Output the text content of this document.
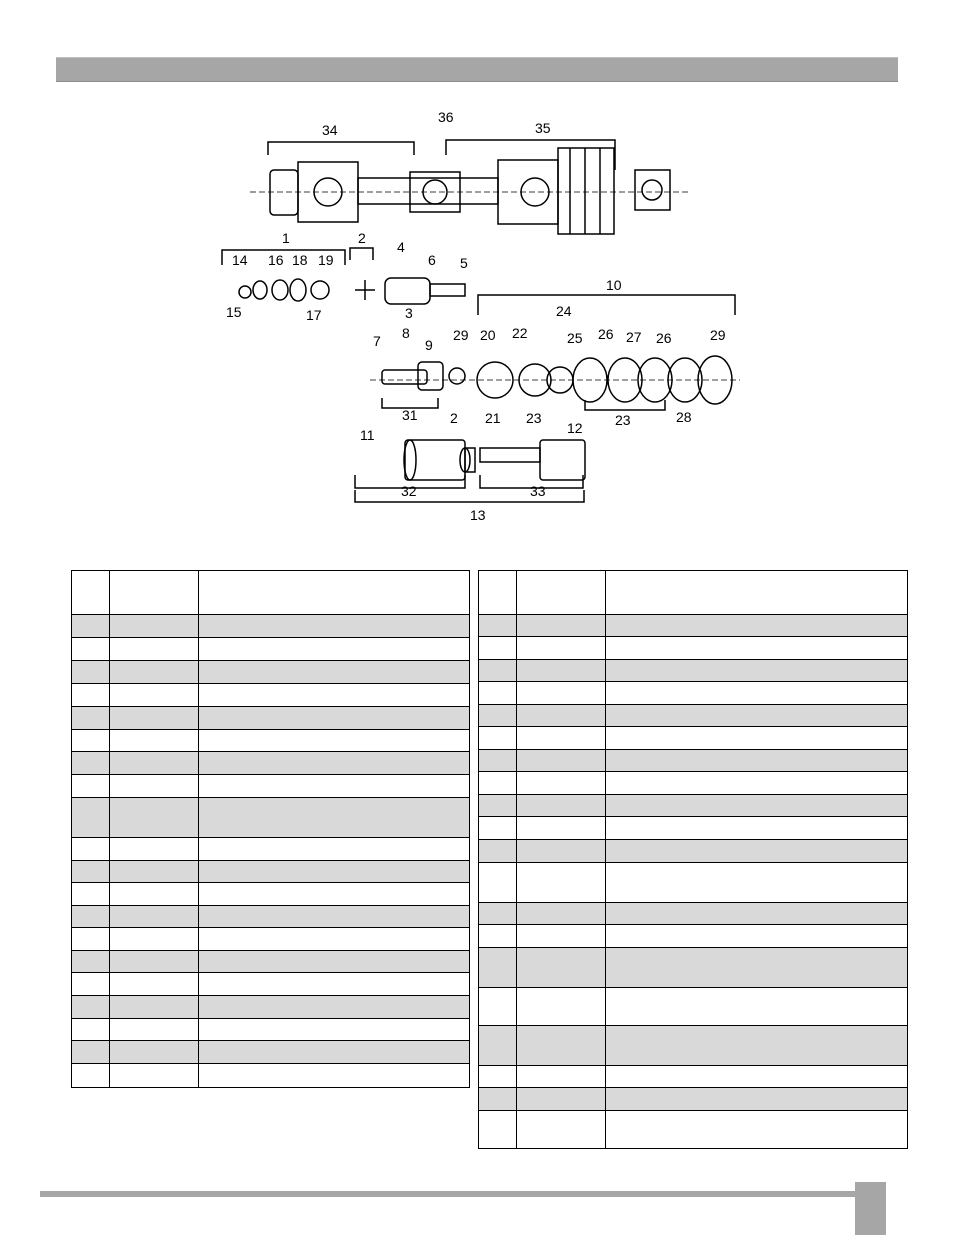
34
36
35
1	2
4
6 5
14 16 18 19
15	17	3
10
24
29 20 22	25 26 27 26	29
7 8
9
31 2 21 23	23	28
11	12
32	33
13
